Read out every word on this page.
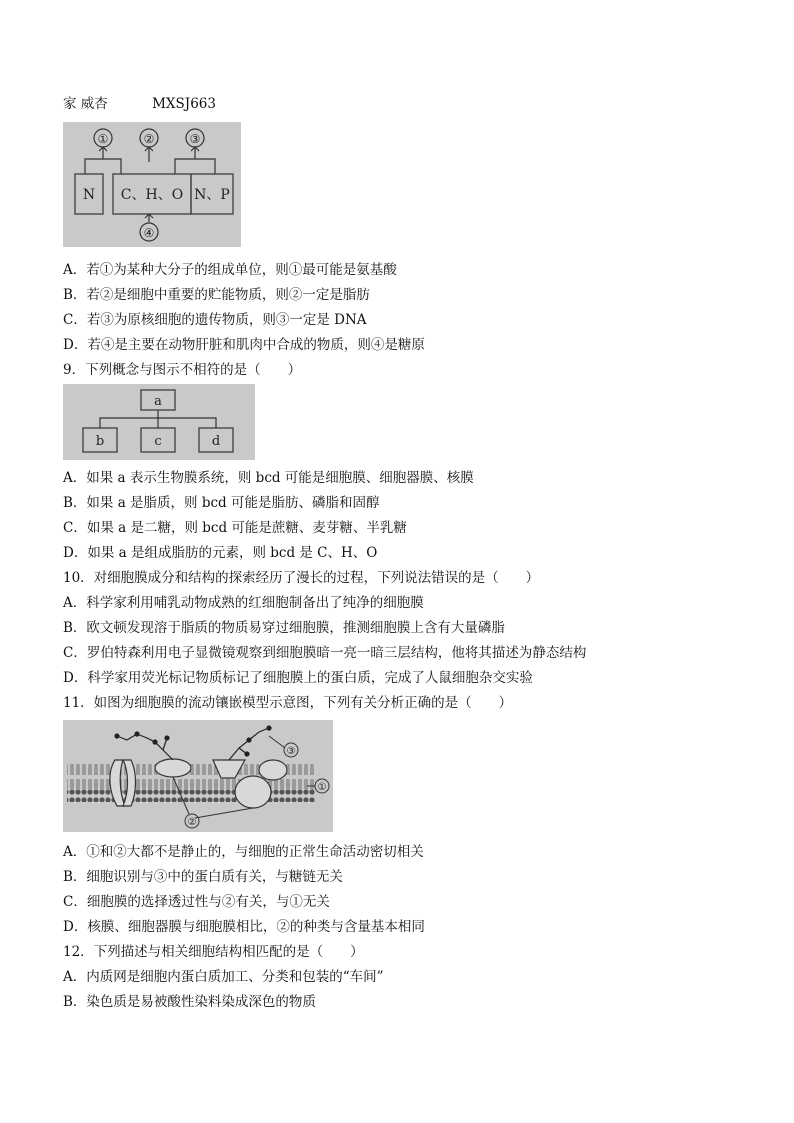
家 威杏	MXSJ663
①	②	③
N C、H、O N、P
④
A．若①为某种大分子的组成单位，则①最可能是氨基酸
B．若②是细胞中重要的贮能物质，则②一定是脂肪
C．若③为原核细胞的遗传物质，则③一定是 DNA
D．若④是主要在动物肝脏和肌肉中合成的物质，则④是糖原
9．下列概念与图示不相符的是（　　）
a
b	c	d
A．如果 a 表示生物膜系统，则 bcd 可能是细胞膜、细胞器膜、核膜
B．如果 a 是脂质，则 bcd 可能是脂肪、磷脂和固醇
C．如果 a 是二糖，则 bcd 可能是蔗糖、麦芽糖、半乳糖
D．如果 a 是组成脂肪的元素，则 bcd 是 C、H、O
10．对细胞膜成分和结构的探索经历了漫长的过程，下列说法错误的是（　　）
A．科学家利用哺乳动物成熟的红细胞制备出了纯净的细胞膜
B．欧文顿发现溶于脂质的物质易穿过细胞膜，推测细胞膜上含有大量磷脂
C．罗伯特森利用电子显微镜观察到细胞膜暗一亮一暗三层结构，他将其描述为静态结构
D．科学家用荧光标记物质标记了细胞膜上的蛋白质，完成了人鼠细胞杂交实验
11．如图为细胞膜的流动镶嵌模型示意图，下列有关分析正确的是（　　）
③
①
②
A．①和②大都不是静止的，与细胞的正常生命活动密切相关
B．细胞识别与③中的蛋白质有关，与糖链无关
C．细胞膜的选择透过性与②有关，与①无关
D．核膜、细胞器膜与细胞膜相比，②的种类与含量基本相同
12．下列描述与相关细胞结构相匹配的是（　　）
A．内质网是细胞内蛋白质加工、分类和包装的“车间”
B．染色质是易被酸性染料染成深色的物质
